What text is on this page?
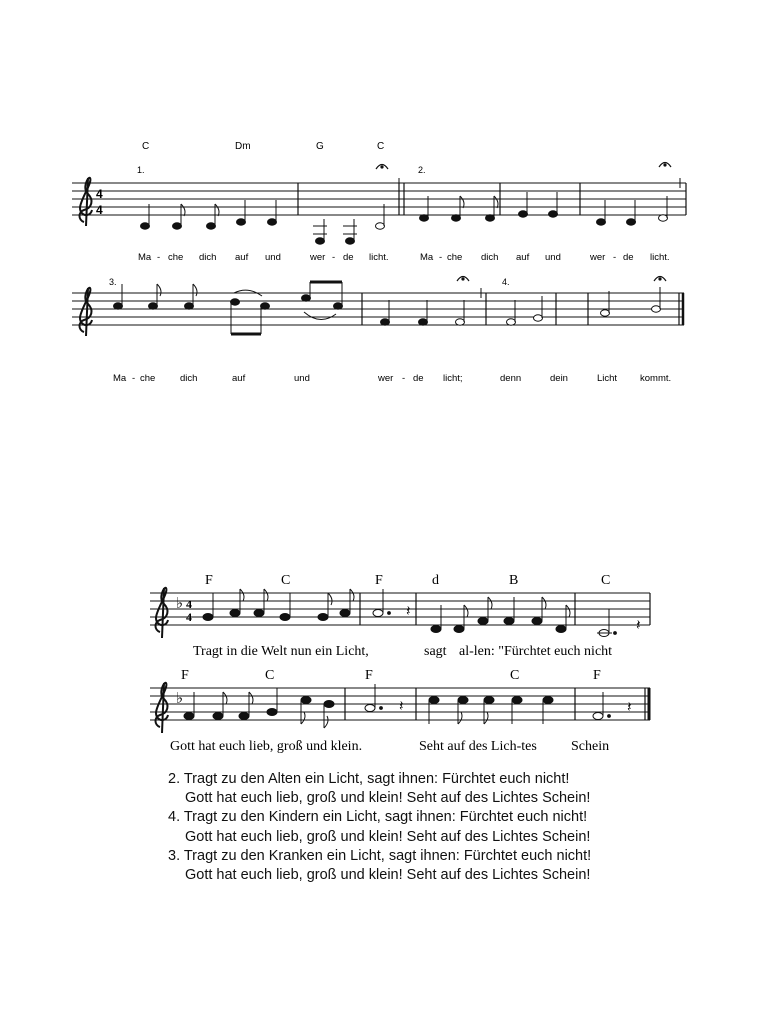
C	Dm	G	C
1.	2.
4
4
Ma - che dich auf und	wer - de licht.	Ma - che dich auf und	wer - de licht.
3.	4.
Ma - che	dich	auf	und	wer - de licht;	denn	dein	Licht kommt.
F	C	F	d	B	C
♭ 4
4	𝄽
𝄽
Tragt in die Welt nun ein Licht,	sagt al-len: "Fürchtet euch nicht
F	C	F	C	F
♭	𝄽	𝄽
Gott hat euch lieb, groß und klein.	Seht auf des Lich-tes Schein
2. Tragt zu den Alten ein Licht, sagt ihnen: Fürchtet euch nicht!
Gott hat euch lieb, groß und klein! Seht auf des Lichtes Schein!
4. Tragt zu den Kindern ein Licht, sagt ihnen: Fürchtet euch nicht!
Gott hat euch lieb, groß und klein! Seht auf des Lichtes Schein!
3. Tragt zu den Kranken ein Licht, sagt ihnen: Fürchtet euch nicht!
Gott hat euch lieb, groß und klein! Seht auf des Lichtes Schein!
